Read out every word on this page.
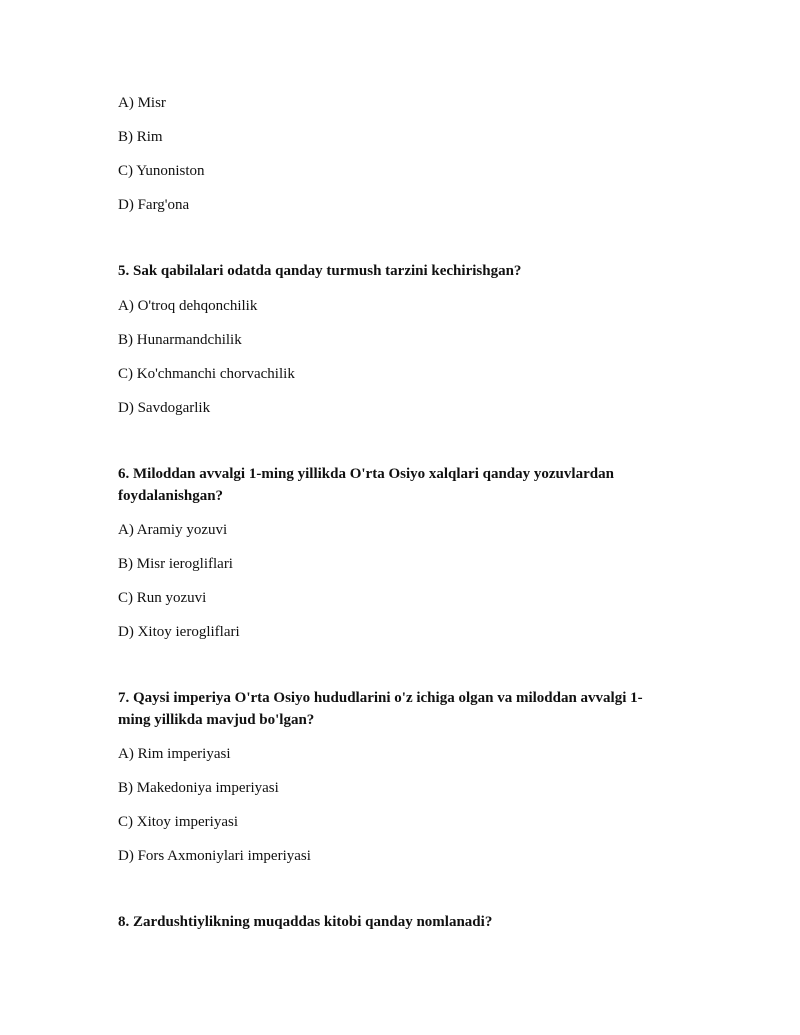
A) Misr
B) Rim
C) Yunoniston
D) Farg'ona
5. Sak qabilalari odatda qanday turmush tarzini kechirishgan?
A) O'troq dehqonchilik
B) Hunarmandchilik
C) Ko'chmanchi chorvachilik
D) Savdogarlik
6. Miloddan avvalgi 1-ming yillikda O'rta Osiyo xalqlari qanday yozuvlardan foydalanishgan?
A) Aramiy yozuvi
B) Misr ierogliflari
C) Run yozuvi
D) Xitoy ierogliflari
7. Qaysi imperiya O'rta Osiyo hududlarini o'z ichiga olgan va miloddan avvalgi 1-ming yillikda mavjud bo'lgan?
A) Rim imperiyasi
B) Makedoniya imperiyasi
C) Xitoy imperiyasi
D) Fors Axmoniylari imperiyasi
8. Zardushtiylikning muqaddas kitobi qanday nomlanadi?
